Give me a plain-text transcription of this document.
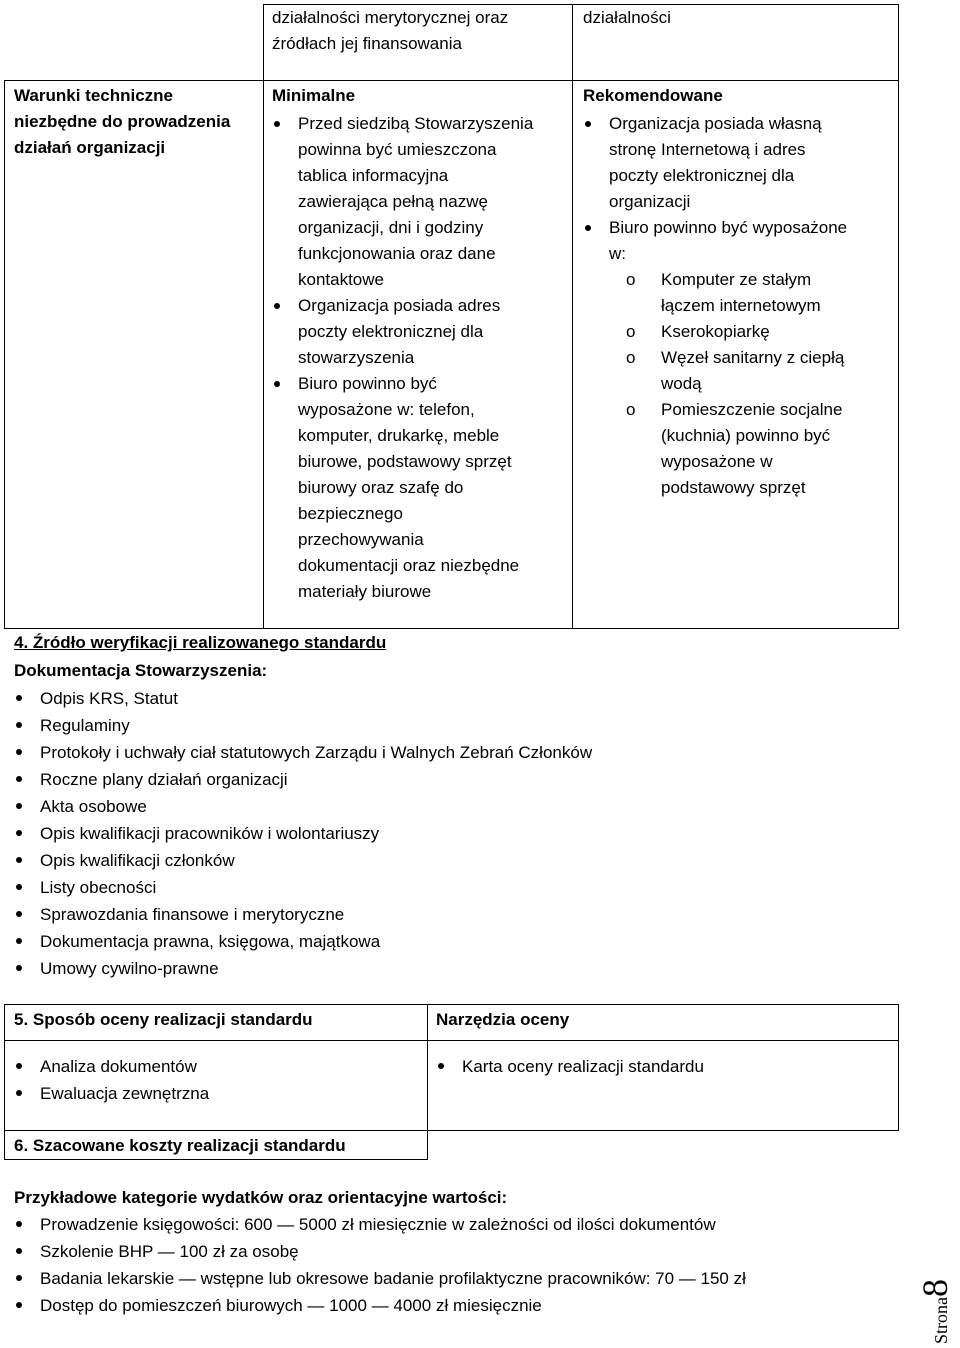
działalności merytorycznej oraz
źródłach jej finansowania
działalności
Warunki techniczne
niezbędne do prowadzenia
działań organizacji
Minimalne
Przed siedzibą Stowarzyszenia
powinna być umieszczona
tablica informacyjna
zawierająca pełną nazwę
organizacji, dni i godziny
funkcjonowania oraz dane
kontaktowe
Organizacja posiada adres
poczty elektronicznej dla
stowarzyszenia
Biuro powinno być
wyposażone w: telefon,
komputer, drukarkę, meble
biurowe, podstawowy sprzęt
biurowy oraz szafę do
bezpiecznego
przechowywania
dokumentacji oraz niezbędne
materiały biurowe
Rekomendowane
Organizacja posiada własną
stronę Internetową i adres
poczty elektronicznej dla
organizacji
Biuro powinno być wyposażone
w:
o Komputer ze stałym
łączem internetowym
o Kserokopiarkę
o Węzeł sanitarny z ciepłą
wodą
o Pomieszczenie socjalne
(kuchnia) powinno być
wyposażone w
podstawowy sprzęt
4. Źródło weryfikacji realizowanego standardu
Dokumentacja Stowarzyszenia:
Odpis KRS, Statut
Regulaminy
Protokoły i uchwały ciał statutowych Zarządu i Walnych Zebrań Członków
Roczne plany działań organizacji
Akta osobowe
Opis kwalifikacji pracowników i wolontariuszy
Opis kwalifikacji członków
Listy obecności
Sprawozdania finansowe i merytoryczne
Dokumentacja prawna, księgowa, majątkowa
Umowy cywilno-prawne
5. Sposób oceny realizacji standardu	Narzędzia oceny
Analiza dokumentów
Ewaluacja zewnętrzna
Karta oceny realizacji standardu
6. Szacowane koszty realizacji standardu
Przykładowe kategorie wydatków oraz orientacyjne wartości:
Prowadzenie księgowości: 600 — 5000 zł miesięcznie w zależności od ilości dokumentów
Szkolenie BHP — 100 zł za osobę
Badania lekarskie — wstępne lub okresowe badanie profilaktyczne pracowników: 70 — 150 zł
Dostęp do pomieszczeń biurowych — 1000 — 4000 zł miesięcznie	Strona8
